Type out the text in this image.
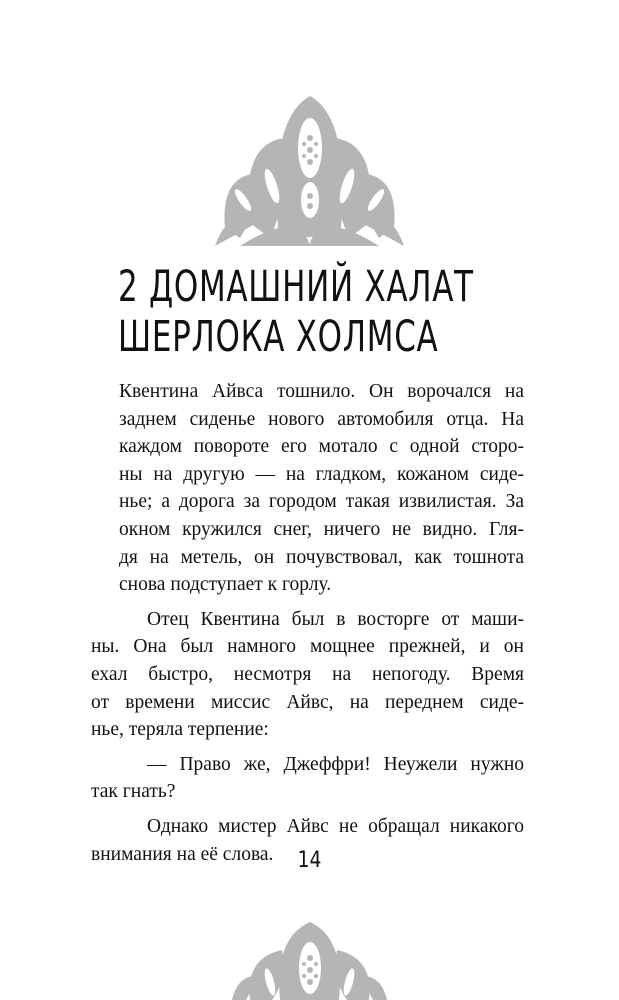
2 ДОМАШНИЙ ХАЛАТ
ШЕРЛОКА ХОЛМСА

Квентина Айвса тошнило. Он ворочался на
заднем сиденье нового автомобиля отца. На
каждом повороте его мотало с одной сторо-
ны на другую — на гладком, кожаном сиде-
нье; а дорога за городом такая извилистая. За
окном кружился снег, ничего не видно. Гля-
дя на метель, он почувствовал, как тошнота
снова подступает к горлу.

Отец Квентина был в восторге от маши-
ны. Она был намного мощнее прежней, и он
ехал быстро, несмотря на непогоду. Время
от времени миссис Айвс, на переднем сиде-
нье, теряла терпение:

— Право же, Джеффри! Неужели нужно
так гнать?

Однако мистер Айвс не обращал никакого
внимания на её слова.	14
